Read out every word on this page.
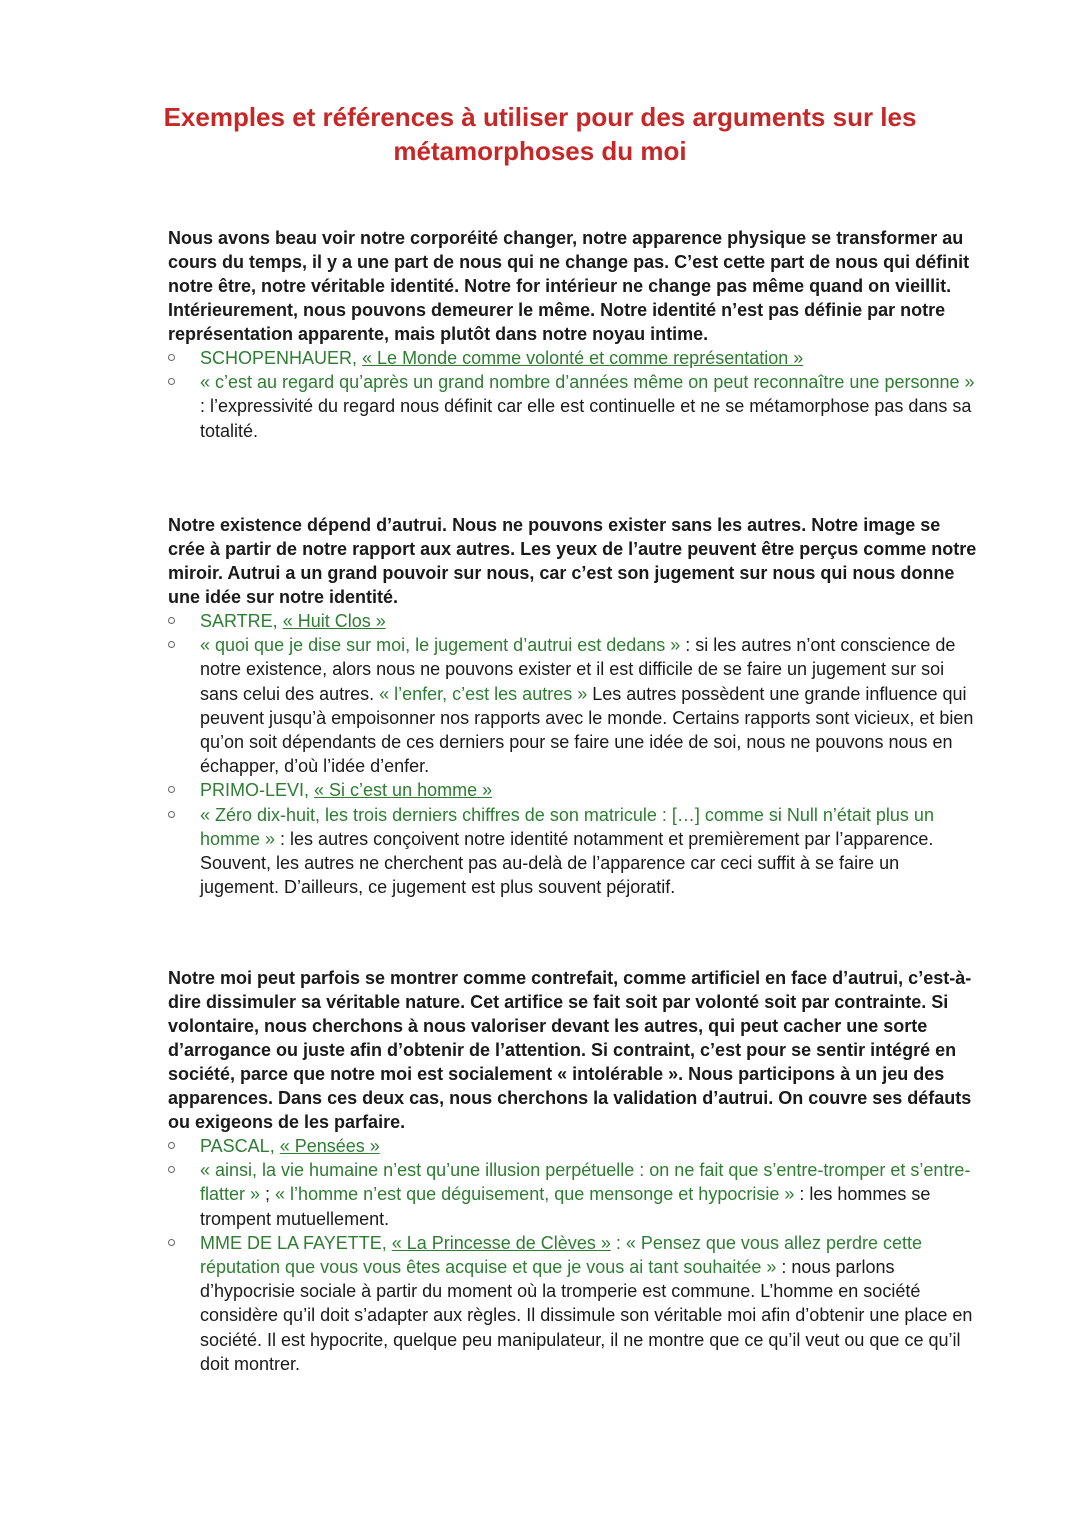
Exemples et références à utiliser pour des arguments sur les métamorphoses du moi

Nous avons beau voir notre corporéité changer, notre apparence physique se transformer au cours du temps, il y a une part de nous qui ne change pas. C’est cette part de nous qui définit notre être, notre véritable identité. Notre for intérieur ne change pas même quand on vieillit. Intérieurement, nous pouvons demeurer le même. Notre identité n’est pas définie par notre représentation apparente, mais plutôt dans notre noyau intime.

SCHOPENHAUER, « Le Monde comme volonté et comme représentation »
« c’est au regard qu’après un grand nombre d’années même on peut reconnaître une personne » : l’expressivité du regard nous définit car elle est continuelle et ne se métamorphose pas dans sa totalité.

Notre existence dépend d’autrui. Nous ne pouvons exister sans les autres. Notre image se crée à partir de notre rapport aux autres. Les yeux de l’autre peuvent être perçus comme notre miroir. Autrui a un grand pouvoir sur nous, car c’est son jugement sur nous qui nous donne une idée sur notre identité.

SARTRE, « Huit Clos »
« quoi que je dise sur moi, le jugement d’autrui est dedans » : si les autres n’ont conscience de notre existence, alors nous ne pouvons exister et il est difficile de se faire un jugement sur soi sans celui des autres. « l’enfer, c’est les autres » Les autres possèdent une grande influence qui peuvent jusqu’à empoisonner nos rapports avec le monde. Certains rapports sont vicieux, et bien qu’on soit dépendants de ces derniers pour se faire une idée de soi, nous ne pouvons nous en échapper, d’où l’idée d’enfer.
PRIMO-LEVI, « Si c’est un homme »
« Zéro dix-huit, les trois derniers chiffres de son matricule : […] comme si Null n’était plus un homme » : les autres conçoivent notre identité notamment et premièrement par l’apparence. Souvent, les autres ne cherchent pas au-delà de l’apparence car ceci suffit à se faire un jugement. D’ailleurs, ce jugement est plus souvent péjoratif.

Notre moi peut parfois se montrer comme contrefait, comme artificiel en face d’autrui, c’est-à-dire dissimuler sa véritable nature. Cet artifice se fait soit par volonté soit par contrainte. Si volontaire, nous cherchons à nous valoriser devant les autres, qui peut cacher une sorte d’arrogance ou juste afin d’obtenir de l’attention. Si contraint, c’est pour se sentir intégré en société, parce que notre moi est socialement « intolérable ». Nous participons à un jeu des apparences. Dans ces deux cas, nous cherchons la validation d’autrui. On couvre ses défauts ou exigeons de les parfaire.

PASCAL, « Pensées »
« ainsi, la vie humaine n’est qu’une illusion perpétuelle : on ne fait que s’entre-tromper et s’entre-flatter » ; « l’homme n’est que déguisement, que mensonge et hypocrisie » : les hommes se trompent mutuellement.
MME DE LA FAYETTE, « La Princesse de Clèves » : « Pensez que vous allez perdre cette réputation que vous vous êtes acquise et que je vous ai tant souhaitée » : nous parlons d’hypocrisie sociale à partir du moment où la tromperie est commune. L’homme en société considère qu’il doit s’adapter aux règles. Il dissimule son véritable moi afin d’obtenir une place en société. Il est hypocrite, quelque peu manipulateur, il ne montre que ce qu’il veut ou que ce qu’il doit montrer.
